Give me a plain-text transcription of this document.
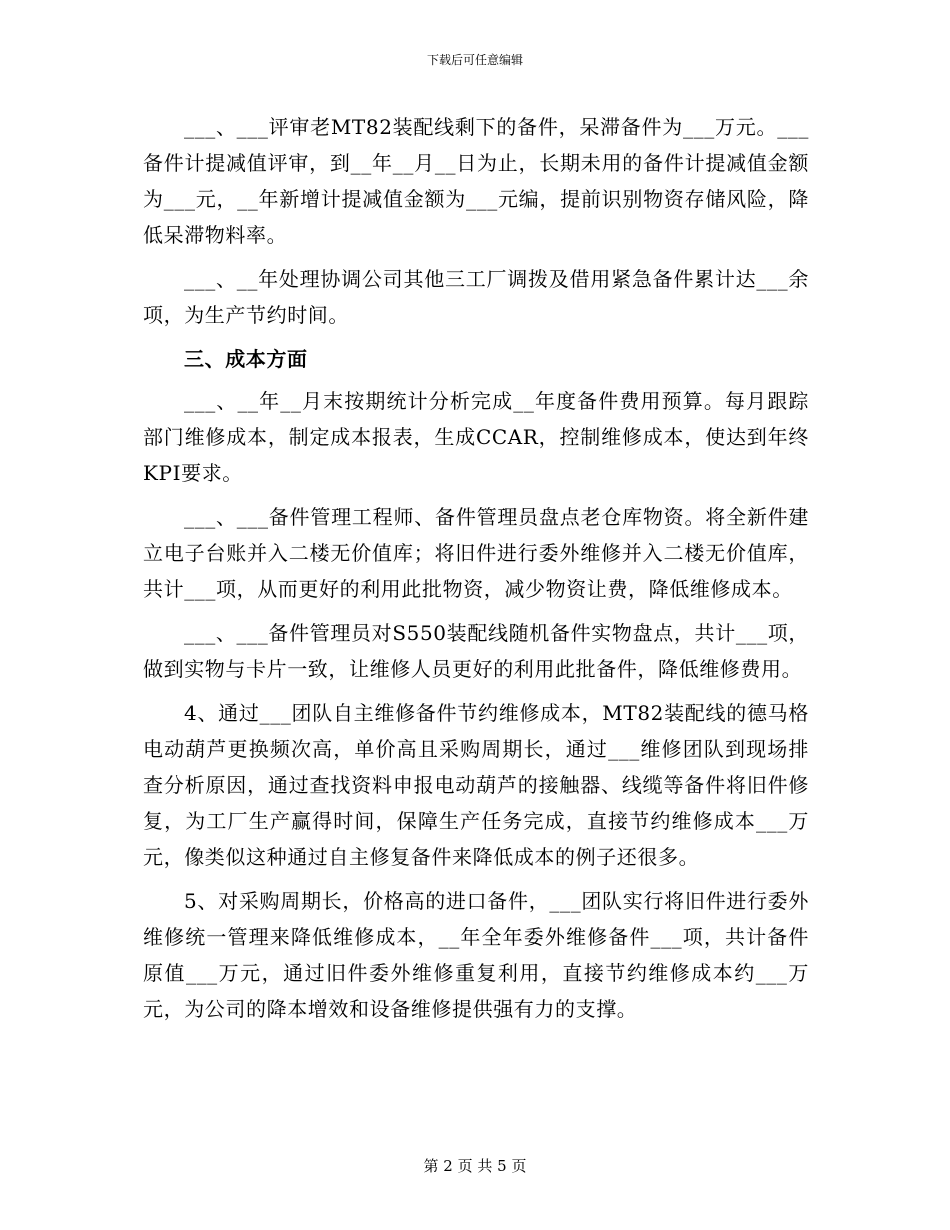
下载后可任意编辑

___、___评审老MT82装配线剩下的备件，呆滞备件为___万元。___备件计提减值评审，到__年__月__日为止，长期未用的备件计提减值金额为___元，__年新增计提减值金额为___元编，提前识别物资存储风险，降低呆滞物料率。

___、__年处理协调公司其他三工厂调拨及借用紧急备件累计达___余项，为生产节约时间。

三、成本方面

___、__年__月末按期统计分析完成__年度备件费用预算。每月跟踪部门维修成本，制定成本报表，生成CCAR，控制维修成本，使达到年终KPI要求。

___、___备件管理工程师、备件管理员盘点老仓库物资。将全新件建立电子台账并入二楼无价值库；将旧件进行委外维修并入二楼无价值库，共计___项，从而更好的利用此批物资，减少物资让费，降低维修成本。

___、___备件管理员对S550装配线随机备件实物盘点，共计___项，做到实物与卡片一致，让维修人员更好的利用此批备件，降低维修费用。

4、通过___团队自主维修备件节约维修成本，MT82装配线的德马格电动葫芦更换频次高，单价高且采购周期长，通过___维修团队到现场排查分析原因，通过查找资料申报电动葫芦的接触器、线缆等备件将旧件修复，为工厂生产赢得时间，保障生产任务完成，直接节约维修成本___万元，像类似这种通过自主修复备件来降低成本的例子还很多。

5、对采购周期长，价格高的进口备件，___团队实行将旧件进行委外维修统一管理来降低维修成本，__年全年委外维修备件___项，共计备件原值___万元，通过旧件委外维修重复利用，直接节约维修成本约___万元，为公司的降本增效和设备维修提供强有力的支撑。

第 2 页 共 5 页
